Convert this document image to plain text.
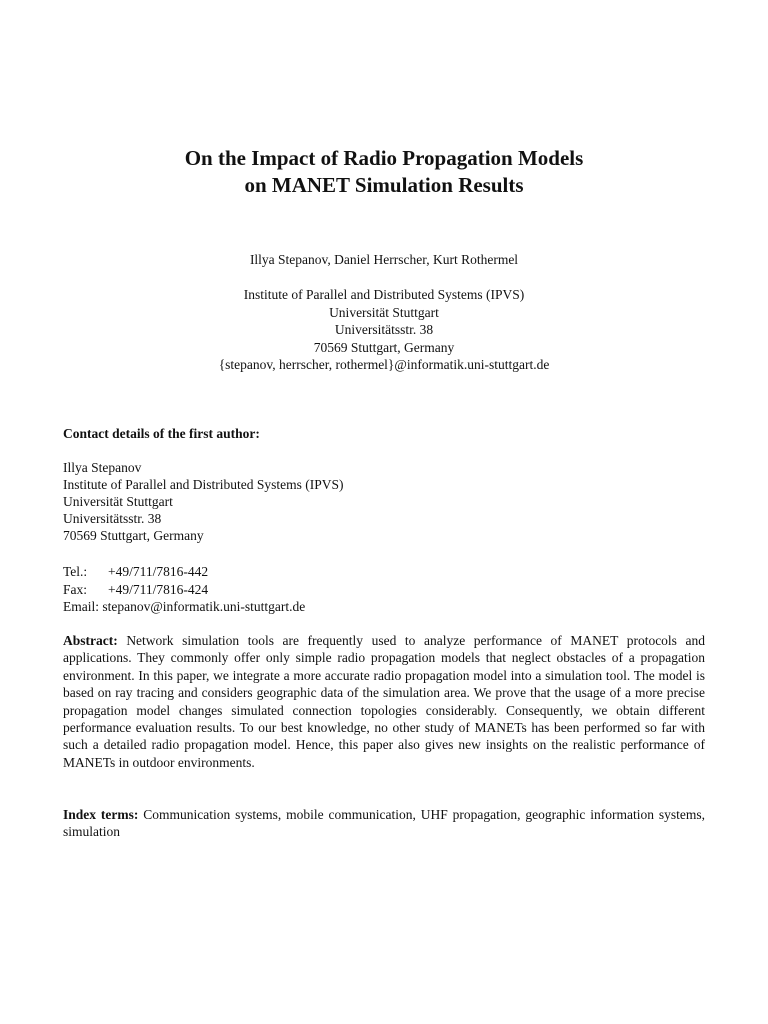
On the Impact of Radio Propagation Models
on MANET Simulation Results
Illya Stepanov, Daniel Herrscher, Kurt Rothermel
Institute of Parallel and Distributed Systems (IPVS)
Universität Stuttgart
Universitätsstr. 38
70569 Stuttgart, Germany
{stepanov, herrscher, rothermel}@informatik.uni-stuttgart.de
Contact details of the first author:
Illya Stepanov
Institute of Parallel and Distributed Systems (IPVS)
Universität Stuttgart
Universitätsstr. 38
70569 Stuttgart, Germany
Tel.: +49/711/7816-442
Fax: +49/711/7816-424
Email: stepanov@informatik.uni-stuttgart.de
Abstract: Network simulation tools are frequently used to analyze performance of MANET protocols and applications. They commonly offer only simple radio propagation models that neglect obstacles of a propagation environment. In this paper, we integrate a more accurate radio propagation model into a simulation tool. The model is based on ray tracing and considers geographic data of the simulation area. We prove that the usage of a more precise propagation model changes simulated connection topologies considerably. Consequently, we obtain different performance evaluation results. To our best knowledge, no other study of MANETs has been performed so far with such a detailed radio propagation model. Hence, this paper also gives new insights on the realistic performance of MANETs in outdoor environments.
Index terms: Communication systems, mobile communication, UHF propagation, geographic information systems, simulation
